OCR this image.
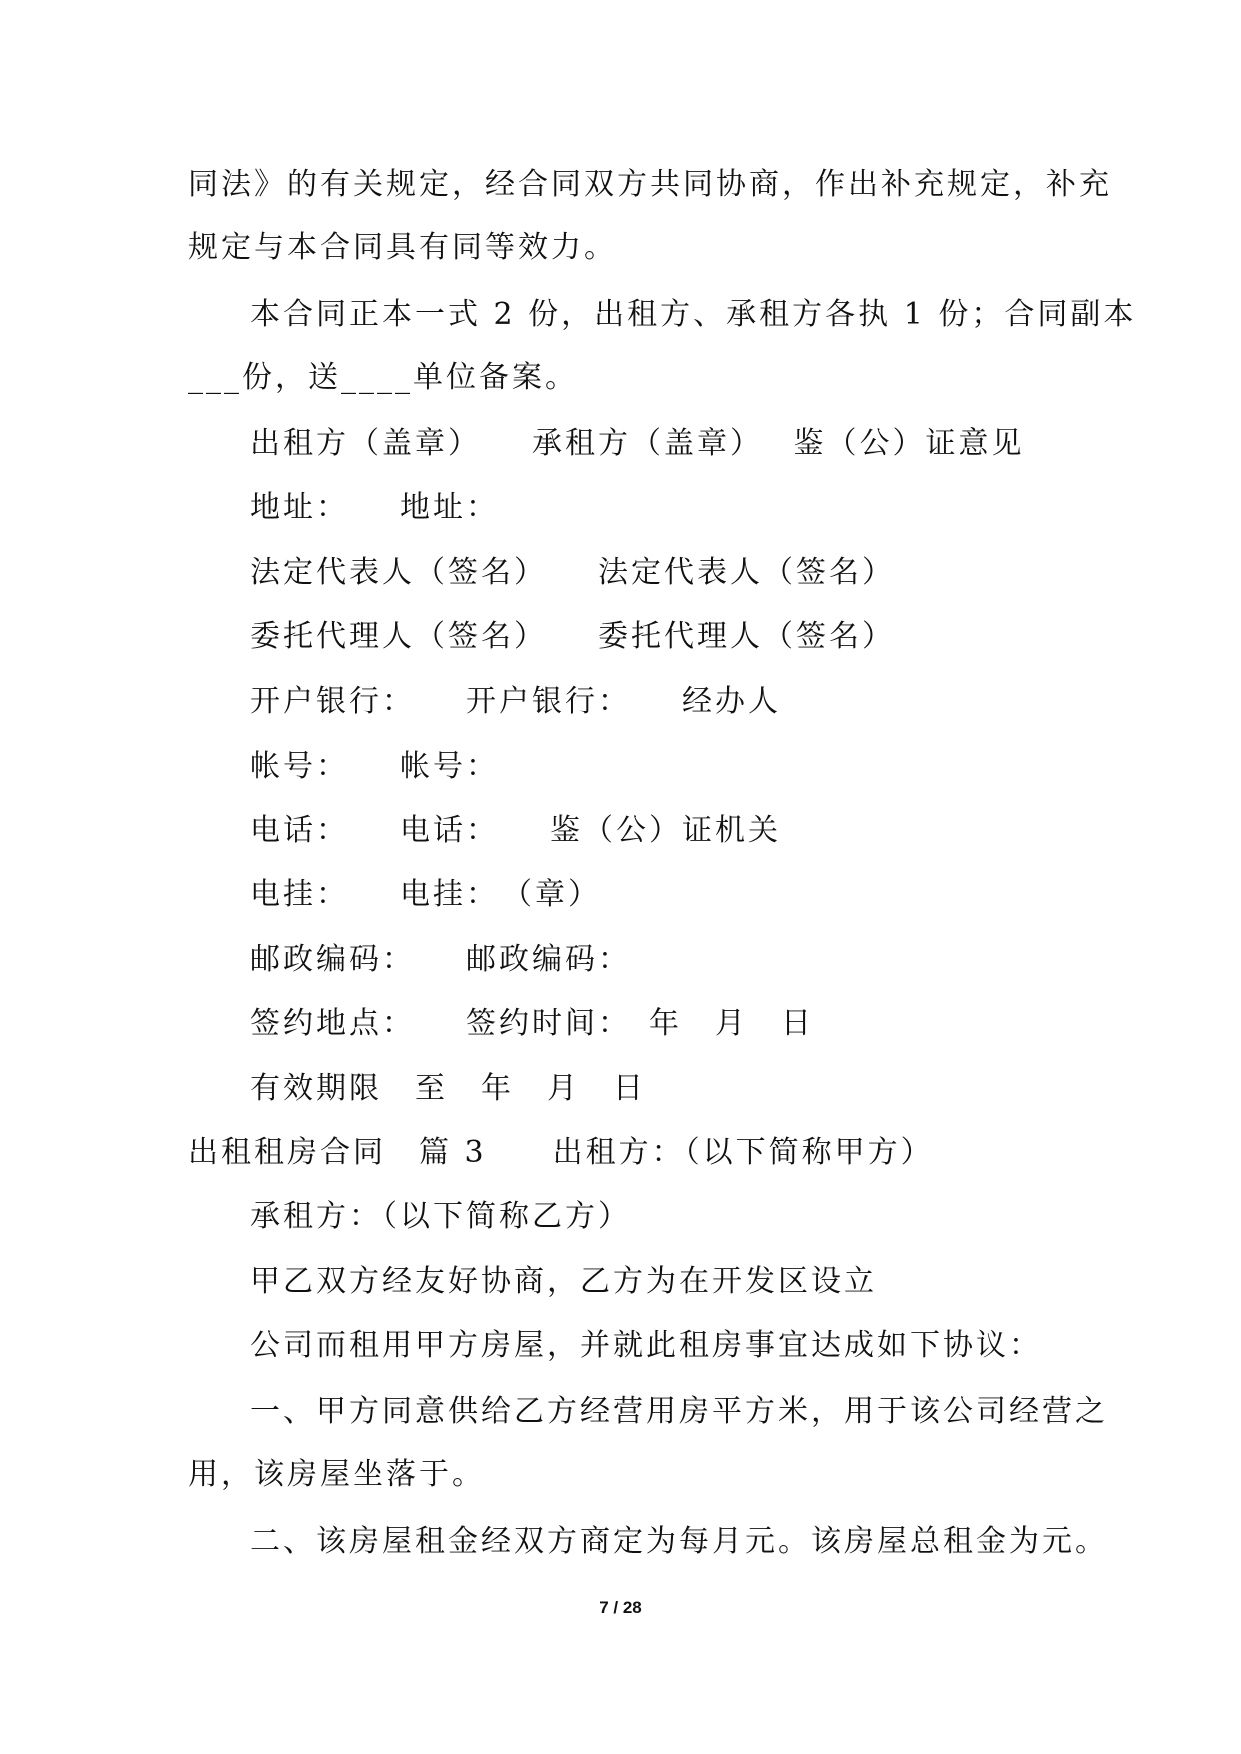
同法》的有关规定，经合同双方共同协商，作出补充规定，补充
规定与本合同具有同等效力。
本合同正本一式 2 份，出租方、承租方各执 1 份；合同副本
___份，送____单位备案。
出租方（盖章）　　承租方（盖章）　 鉴（公）证意见
地址：　　地址：
法定代表人（签名）　　法定代表人（签名）
委托代理人（签名）　　委托代理人（签名）
开户银行：　　开户银行：　　经办人
帐号：　　帐号：
电话：　　电话：　　鉴（公）证机关
电挂：　　电挂：　（章）
邮政编码：　　邮政编码：
签约地点：　　签约时间：　年　月　日
有效期限　至　年　月　日
出租租房合同　篇 3　　出租方：（以下简称甲方）
承租方：（以下简称乙方）
甲乙双方经友好协商，乙方为在开发区设立
公司而租用甲方房屋，并就此租房事宜达成如下协议：
一、甲方同意供给乙方经营用房平方米，用于该公司经营之
用，该房屋坐落于。
二、该房屋租金经双方商定为每月元。该房屋总租金为元。
7 / 28
